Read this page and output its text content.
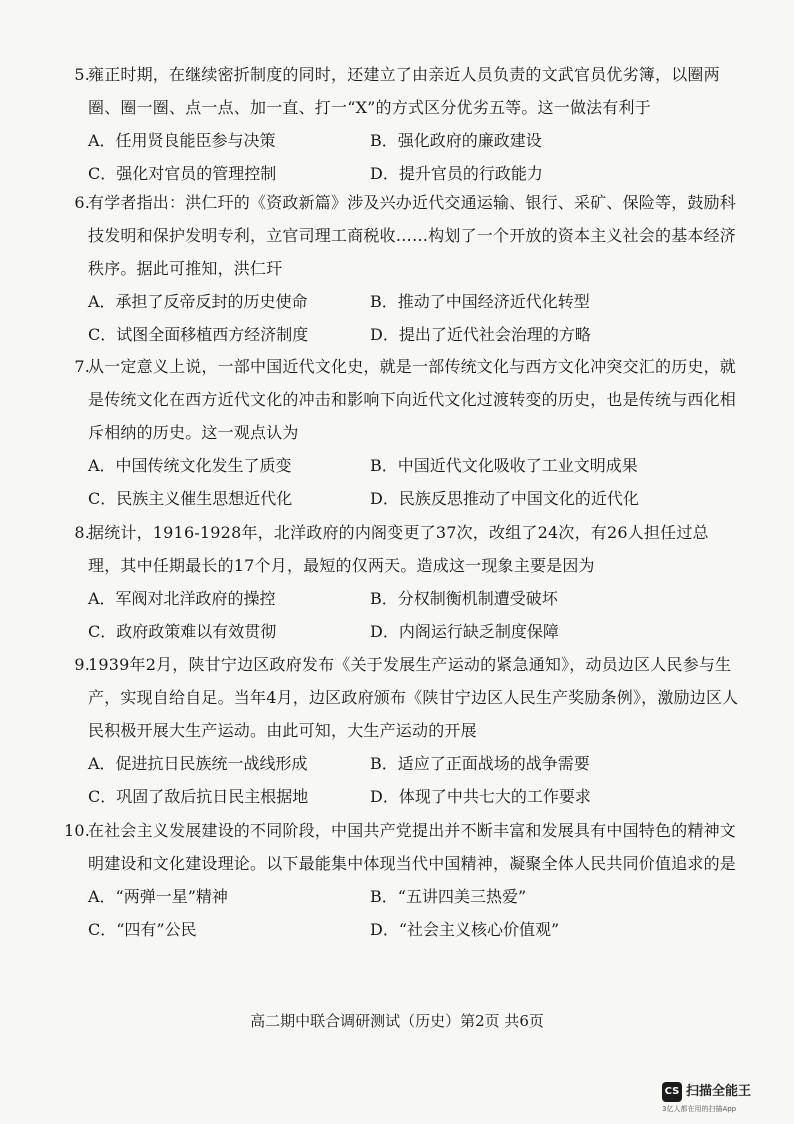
5.
雍正时期，在继续密折制度的同时，还建立了由亲近人员负责的文武官员优劣簿，以圈两圈、圈一圈、点一点、加一直、打一“X”的方式区分优劣五等。这一做法有利于
A．任用贤良能臣参与决策	B．强化政府的廉政建设
C．强化对官员的管理控制	D．提升官员的行政能力
6.
有学者指出：洪仁玕的《资政新篇》涉及兴办近代交通运输、银行、采矿、保险等，鼓励科技发明和保护发明专利，立官司理工商税收……构划了一个开放的资本主义社会的基本经济秩序。据此可推知，洪仁玕
A．承担了反帝反封的历史使命	B．推动了中国经济近代化转型
C．试图全面移植西方经济制度	D．提出了近代社会治理的方略
7.
从一定意义上说，一部中国近代文化史，就是一部传统文化与西方文化冲突交汇的历史，就是传统文化在西方近代文化的冲击和影响下向近代文化过渡转变的历史，也是传统与西化相斥相纳的历史。这一观点认为
A．中国传统文化发生了质变	B．中国近代文化吸收了工业文明成果
C．民族主义催生思想近代化	D．民族反思推动了中国文化的近代化
8.
据统计，1916-1928年，北洋政府的内阁变更了37次，改组了24次，有26人担任过总理，其中任期最长的17个月，最短的仅两天。造成这一现象主要是因为
A．军阀对北洋政府的操控	B．分权制衡机制遭受破坏
C．政府政策难以有效贯彻	D．内阁运行缺乏制度保障
9.
1939年2月，陕甘宁边区政府发布《关于发展生产运动的紧急通知》，动员边区人民参与生产，实现自给自足。当年4月，边区政府颁布《陕甘宁边区人民生产奖励条例》，激励边区人民积极开展大生产运动。由此可知，大生产运动的开展
A．促进抗日民族统一战线形成	B．适应了正面战场的战争需要
C．巩固了敌后抗日民主根据地	D．体现了中共七大的工作要求
10.
在社会主义发展建设的不同阶段，中国共产党提出并不断丰富和发展具有中国特色的精神文明建设和文化建设理论。以下最能集中体现当代中国精神，凝聚全体人民共同价值追求的是
A．“两弹一星”精神	B．“五讲四美三热爱”
C．“四有”公民	D．“社会主义核心价值观”
高二期中联合调研测试（历史）第2页 共6页
CS 扫描全能王
3亿人都在用的扫描App
